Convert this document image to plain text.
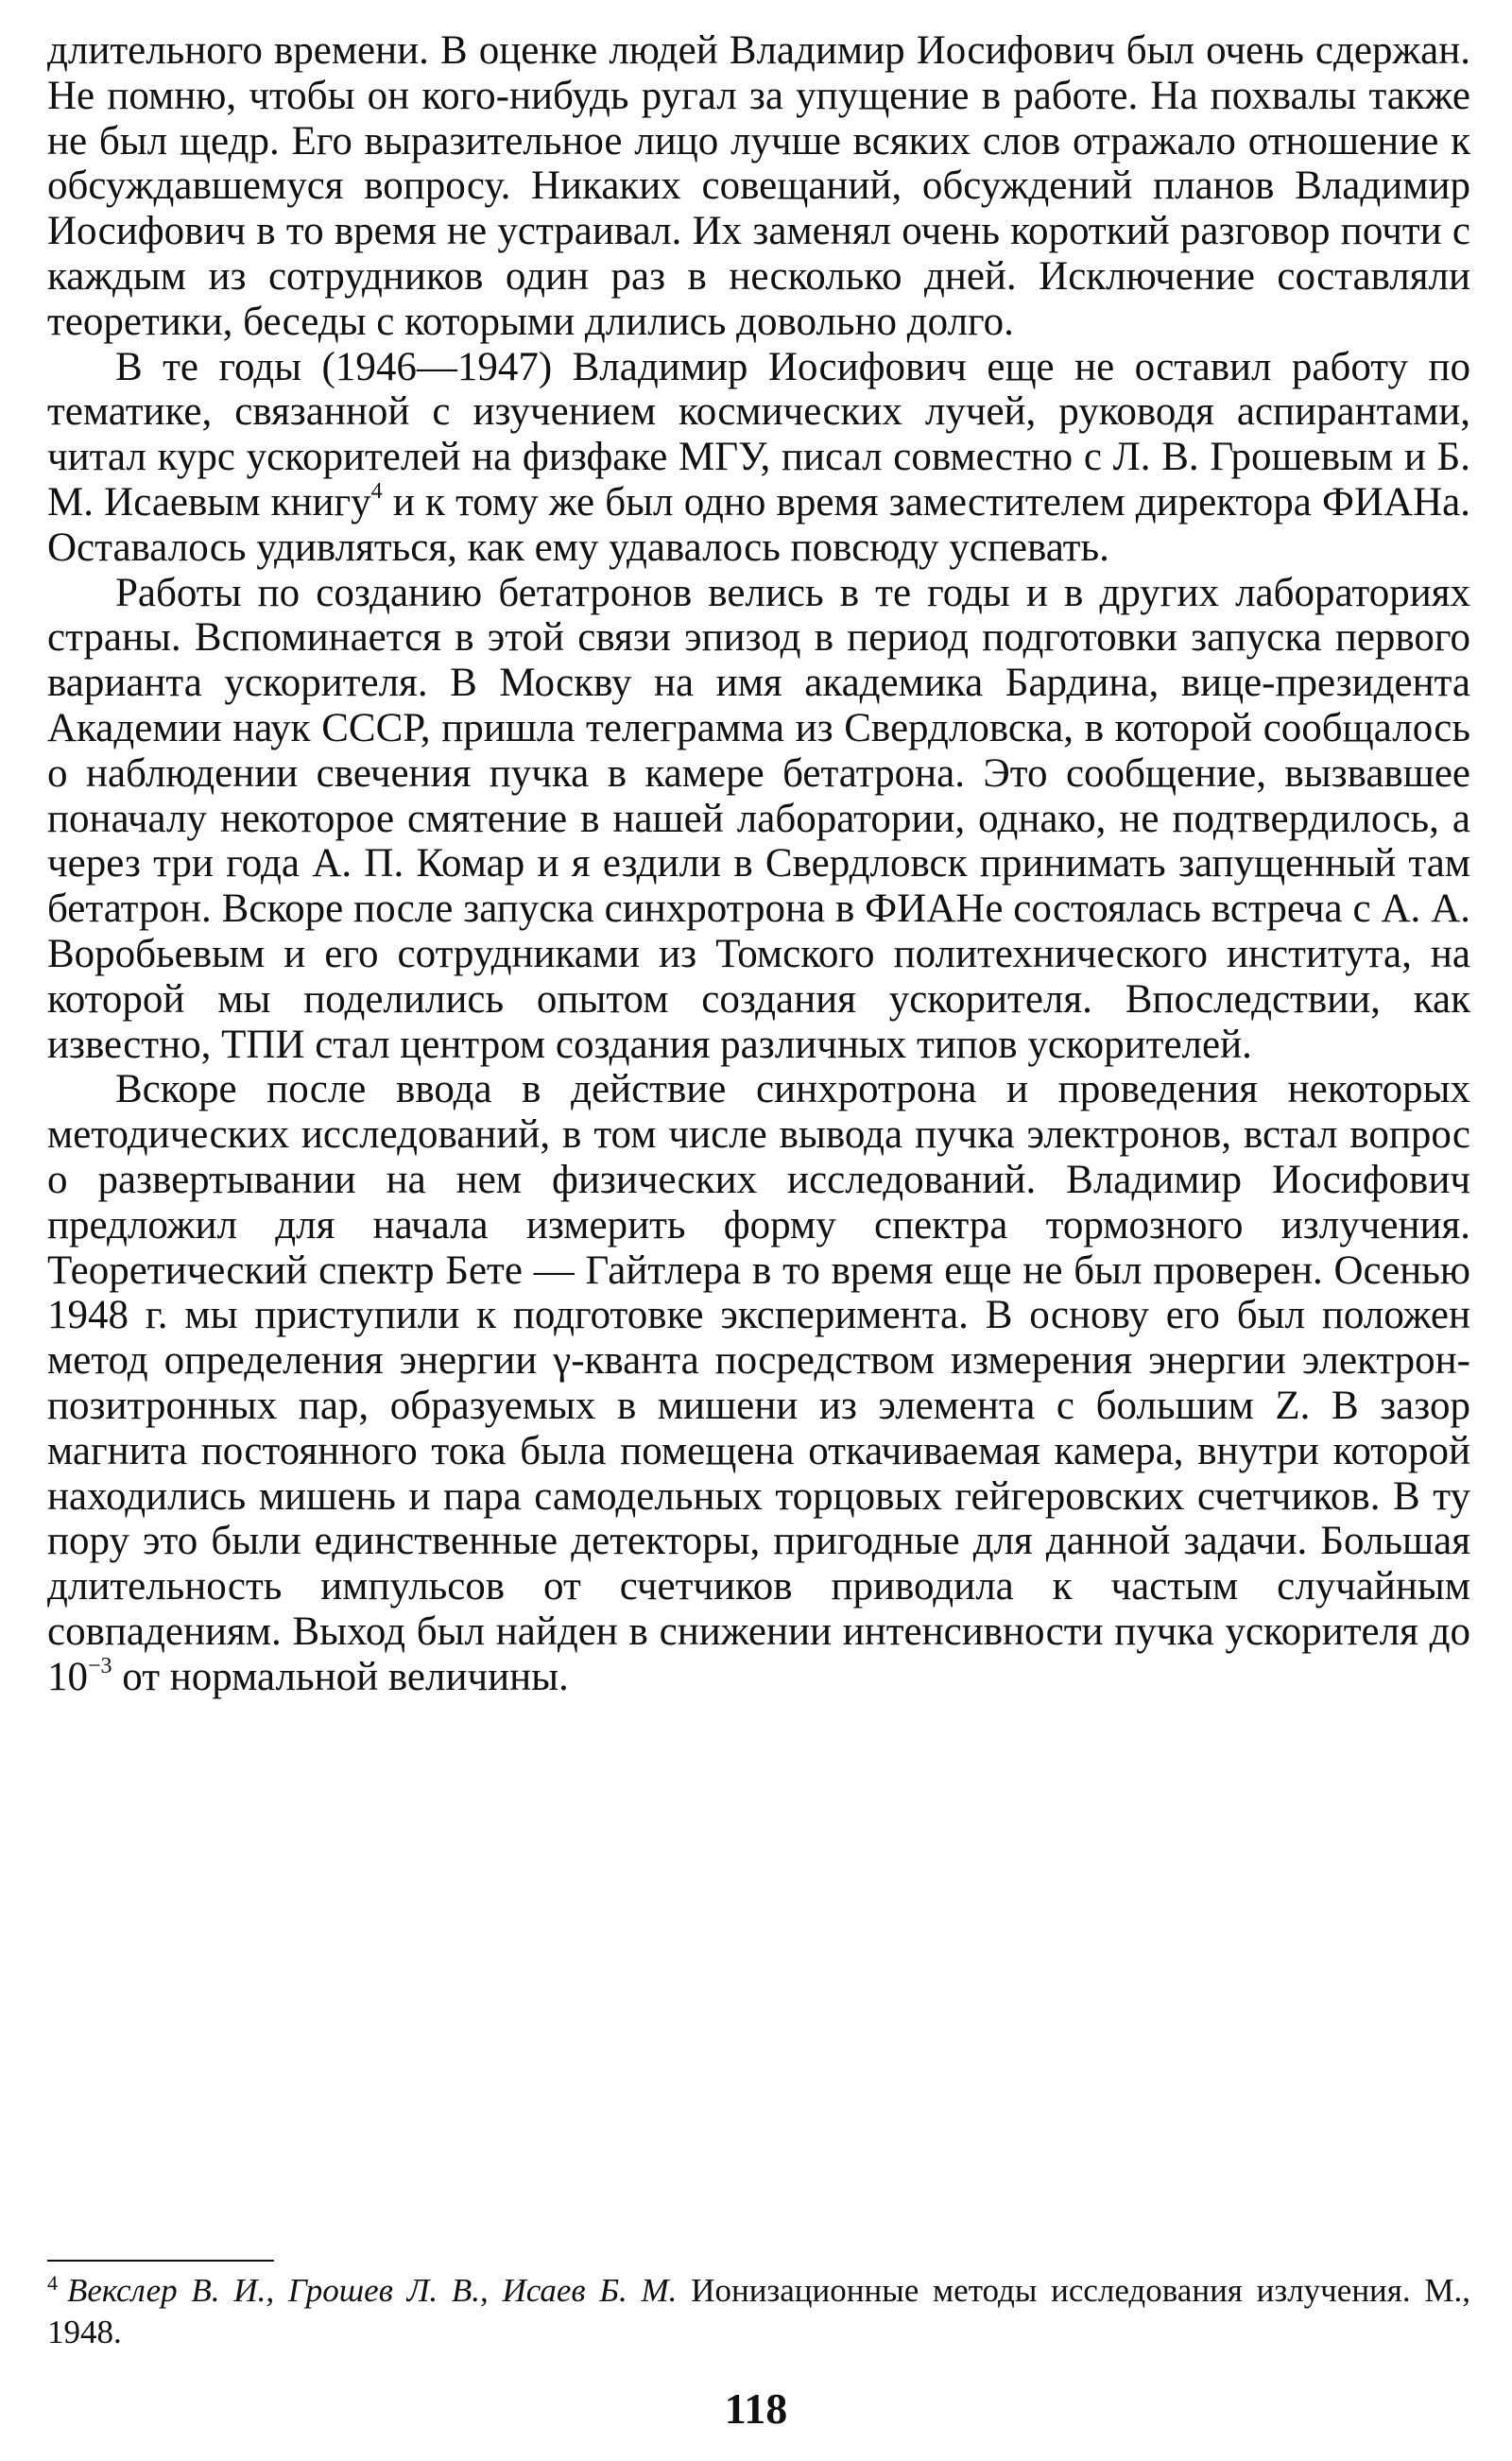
длительного времени. В оценке людей Владимир Иосифович был очень сдержан. Не помню, чтобы он кого-нибудь ругал за упущение в работе. На похвалы также не был щедр. Его выразительное лицо лучше всяких слов отражало отношение к обсуждавшемуся вопросу. Никаких совещаний, обсуждений планов Владимир Иосифович в то время не устраивал. Их заменял очень короткий разговор почти с каждым из сотрудников один раз в несколько дней. Исключение составляли теоретики, беседы с которыми длились довольно долго.

В те годы (1946—1947) Владимир Иосифович еще не оставил работу по тематике, связанной с изучением космических лучей, руководя аспирантами, читал курс ускорителей на физфаке МГУ, писал совместно с Л. В. Грошевым и Б. М. Исаевым книгу$^4$ и к тому же был одно время заместителем директора ФИАНа. Оставалось удивляться, как ему удавалось повсюду успевать.

Работы по созданию бетатронов велись в те годы и в других лабораториях страны. Вспоминается в этой связи эпизод в период подготовки запуска первого варианта ускорителя. В Москву на имя академика Бардина, вице-президента Академии наук СССР, пришла телеграмма из Свердловска, в которой сообщалось о наблюдении свечения пучка в камере бетатрона. Это сообщение, вызвавшее поначалу некоторое смятение в нашей лаборатории, однако, не подтвердилось, а через три года А. П. Комар и я ездили в Свердловск принимать запущенный там бетатрон. Вскоре после запуска синхротрона в ФИАНе состоялась встреча с А. А. Воробьевым и его сотрудниками из Томского политехнического института, на которой мы поделились опытом создания ускорителя. Впоследствии, как известно, ТПИ стал центром создания различных типов ускорителей.

Вскоре после ввода в действие синхротрона и проведения некоторых методических исследований, в том числе вывода пучка электронов, встал вопрос о развертывании на нем физических исследований. Владимир Иосифович предложил для начала измерить форму спектра тормозного излучения. Теоретический спектр Бете — Гайтлера в то время еще не был проверен. Осенью 1948 г. мы приступили к подготовке эксперимента. В основу его был положен метод определения энергии γ-кванта посредством измерения энергии электрон-позитронных пар, образуемых в мишени из элемента с большим Z. В зазор магнита постоянного тока была помещена откачиваемая камера, внутри которой находились мишень и пара самодельных торцовых гейгеровских счетчиков. В ту пору это были единственные детекторы, пригодные для данной задачи. Большая длительность импульсов от счетчиков приводила к частым случайным совпадениям. Выход был найден в снижении интенсивности пучка ускорителя до $10^{-3}$ от нормальной величины.

$^4$ Векслер В. И., Грошев Л. В., Исаев Б. М. Ионизационные методы исследования излучения. М., 1948.

118
